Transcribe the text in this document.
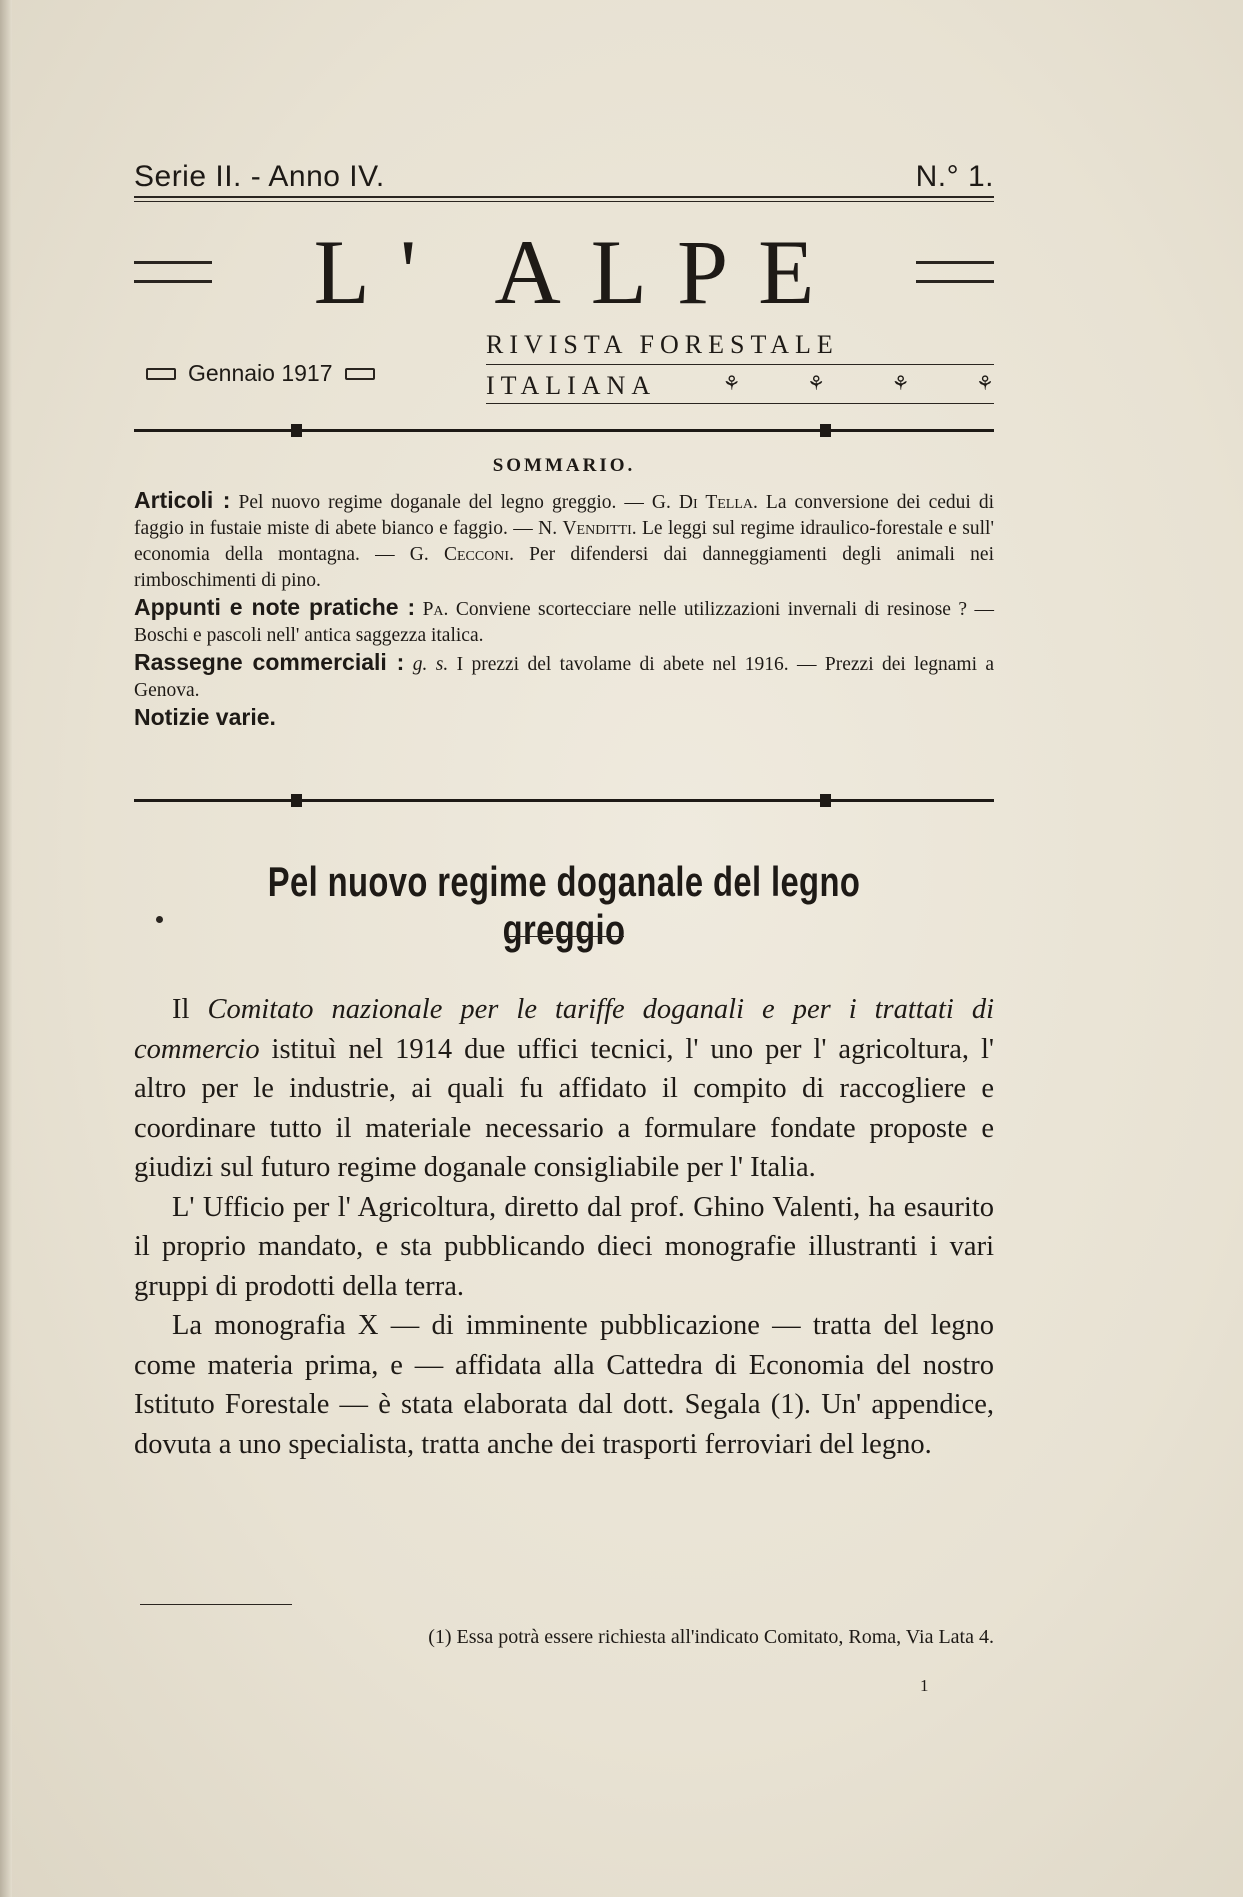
Serie II. - Anno IV.	N.° 1.
L' ALPE
Gennaio 1917
RIVISTA FORESTALE
ITALIANA	⚘	⚘	⚘	⚘
SOMMARIO.

Articoli : Pel nuovo regime doganale del legno greggio. — G. Di Tella. La conversione dei cedui di faggio in fustaie miste di abete bianco e faggio. — N. Venditti. Le leggi sul regime idraulico-forestale e sull' economia della montagna. — G. Cecconi. Per difendersi dai danneggiamenti degli animali nei rimboschimenti di pino.

Appunti e note pratiche : Pa. Conviene scortecciare nelle utilizzazioni invernali di resinose ? — Boschi e pascoli nell' antica saggezza italica.

Rassegne commerciali : g. s. I prezzi del tavolame di abete nel 1916. — Prezzi dei legnami a Genova.

Notizie varie.

Pel nuovo regime doganale del legno greggio

Il Comitato nazionale per le tariffe doganali e per i trattati di commercio istituì nel 1914 due uffici tecnici, l' uno per l' agricoltura, l' altro per le industrie, ai quali fu affidato il compito di raccogliere e coordinare tutto il materiale necessario a formulare fondate proposte e giudizi sul futuro regime doganale consigliabile per l' Italia.

L' Ufficio per l' Agricoltura, diretto dal prof. Ghino Valenti, ha esaurito il proprio mandato, e sta pubblicando dieci monografie illustranti i vari gruppi di prodotti della terra.

La monografia X — di imminente pubblicazione — tratta del legno come materia prima, e — affidata alla Cattedra di Economia del nostro Istituto Forestale — è stata elaborata dal dott. Segala (1). Un' appendice, dovuta a uno specialista, tratta anche dei trasporti ferroviari del legno.

(1) Essa potrà essere richiesta all'indicato Comitato, Roma, Via Lata 4.
1
